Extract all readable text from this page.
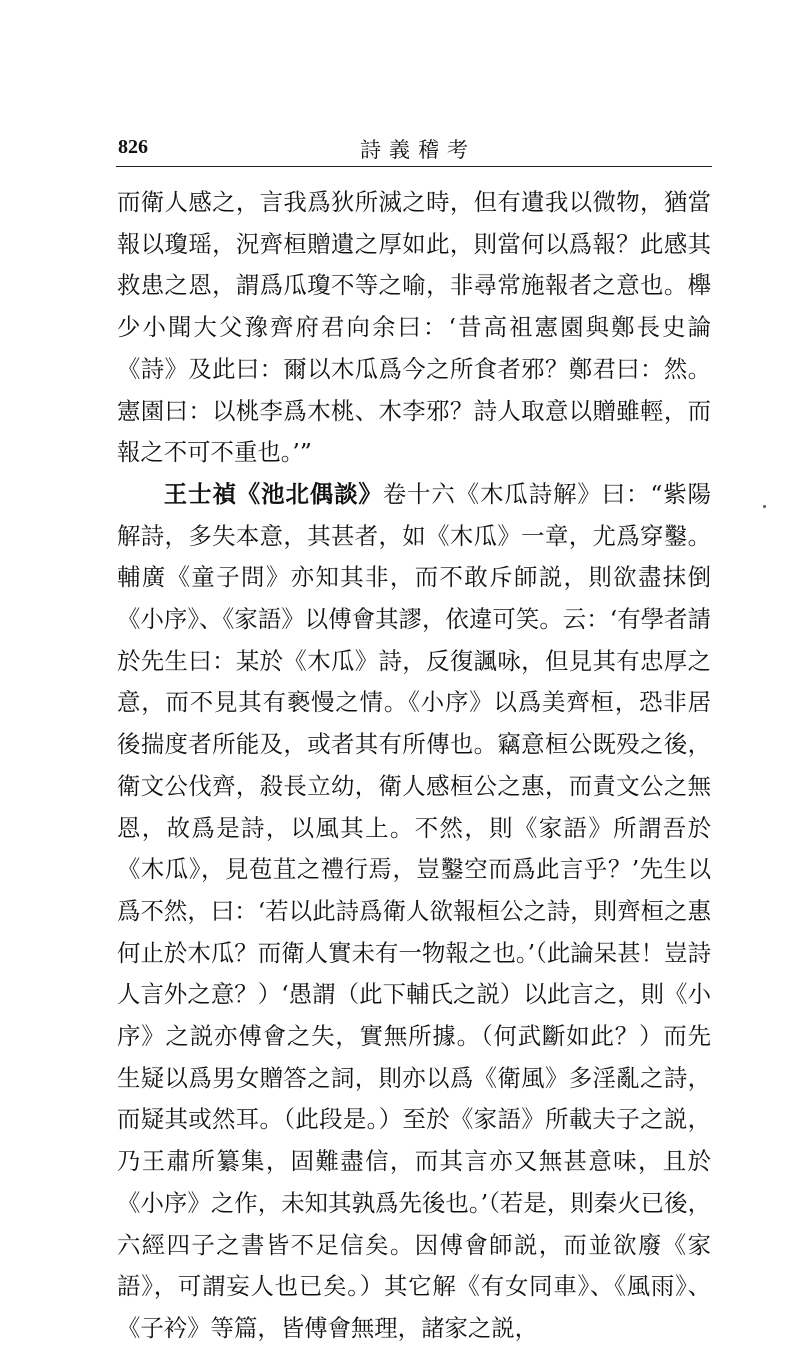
826	詩義稽考

而衛人感之，言我爲狄所滅之時，但有遺我以微物，猶當報以瓊瑶，況齊桓贈遺之厚如此，則當何以爲報？此感其救患之恩，謂爲瓜瓊不等之喻，非尋常施報者之意也。櫸少小聞大父豫齊府君向余曰：‘昔高祖憲園與鄭長史論《詩》及此曰：爾以木瓜爲今之所食者邪？鄭君曰：然。憲園曰：以桃李爲木桃、木李邪？詩人取意以贈雖輕，而報之不可不重也。’”

王士禎《池北偶談》卷十六《木瓜詩解》曰：“紫陽解詩，多失本意，其甚者，如《木瓜》一章，尤爲穿鑿。輔廣《童子問》亦知其非，而不敢斥師説，則欲盡抹倒《小序》、《家語》以傅會其謬，依違可笑。云：‘有學者請於先生曰：某於《木瓜》詩，反復諷咏，但見其有忠厚之意，而不見其有褻慢之情。《小序》以爲美齊桓，恐非居後揣度者所能及，或者其有所傳也。竊意桓公既殁之後，衛文公伐齊，殺長立幼，衛人感桓公之惠，而責文公之無恩，故爲是詩，以風其上。不然，則《家語》所謂吾於《木瓜》，見苞苴之禮行焉，豈鑿空而爲此言乎？’先生以爲不然，曰：‘若以此詩爲衛人欲報桓公之詩，則齊桓之惠何止於木瓜？而衛人實未有一物報之也。’（此論呆甚！豈詩人言外之意？）‘愚謂（此下輔氏之説）以此言之，則《小序》之説亦傅會之失，實無所據。（何武斷如此？）而先生疑以爲男女贈答之詞，則亦以爲《衛風》多淫亂之詩，而疑其或然耳。（此段是。）至於《家語》所載夫子之説，乃王肅所纂集，固難盡信，而其言亦又無甚意味，且於《小序》之作，未知其孰爲先後也。’（若是，則秦火已後，六經四子之書皆不足信矣。因傅會師説，而並欲廢《家語》，可謂妄人也已矣。）其它解《有女同車》、《風雨》、《子衿》等篇，皆傅會無理，諸家之説，
